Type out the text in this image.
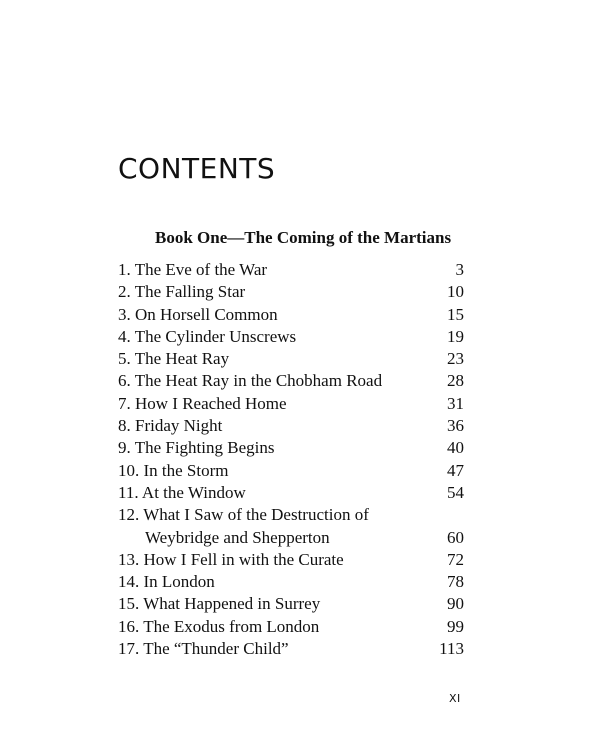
CONTENTS
Book One—The Coming of the Martians
1. The Eve of the War	3
2. The Falling Star	10
3. On Horsell Common	15
4. The Cylinder Unscrews	19
5. The Heat Ray	23
6. The Heat Ray in the Chobham Road	28
7. How I Reached Home	31
8. Friday Night	36
9. The Fighting Begins	40
10. In the Storm	47
11. At the Window	54
12. What I Saw of the Destruction of
Weybridge and Shepperton	60
13. How I Fell in with the Curate	72
14. In London	78
15. What Happened in Surrey	90
16. The Exodus from London	99
17. The “Thunder Child”	113
XI
